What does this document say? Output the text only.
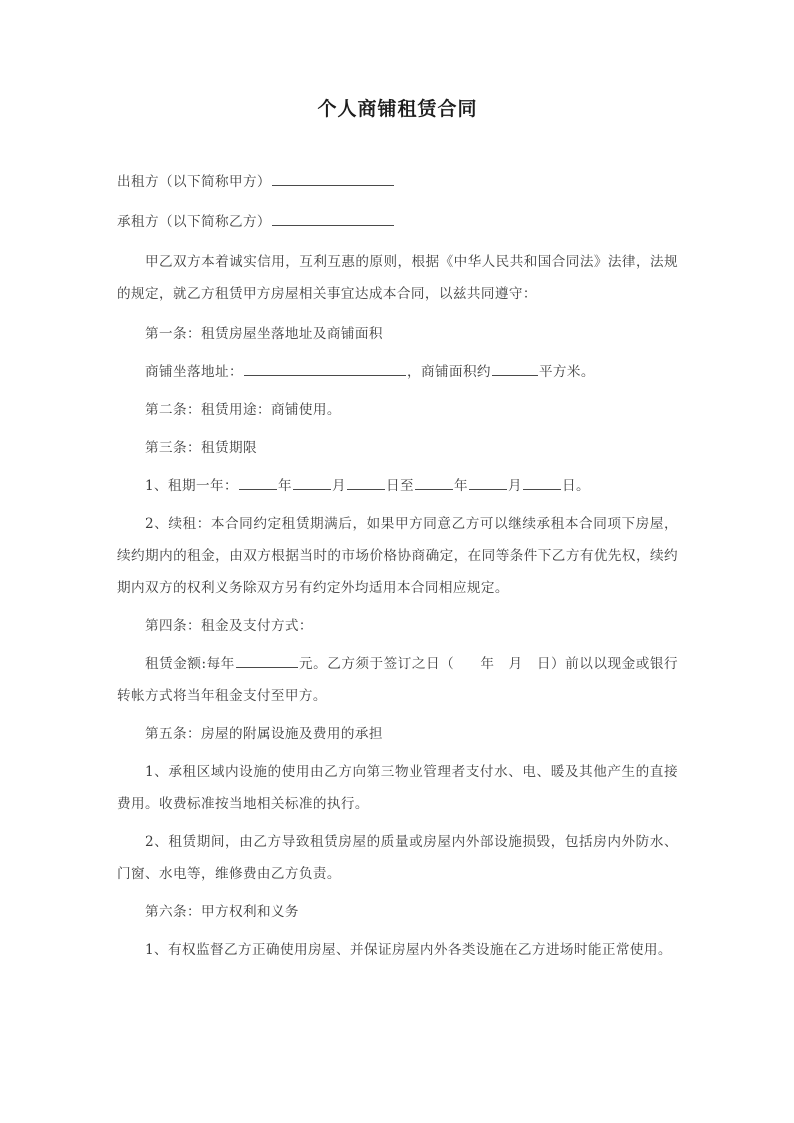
个人商铺租赁合同

出租方（以下简称甲方）

承租方（以下简称乙方）

甲乙双方本着诚实信用，互利互惠的原则，根据《中华人民共和国合同法》法律，法规的规定，就乙方租赁甲方房屋相关事宜达成本合同，以兹共同遵守：

第一条：租赁房屋坐落地址及商铺面积

商铺坐落地址：	，商铺面积约	平方米。

第二条：租赁用途：商铺使用。

第三条：租赁期限

1、租期一年：	年	月	日至	年	月	日。

2、续租：本合同约定租赁期满后，如果甲方同意乙方可以继续承租本合同项下房屋，续约期内的租金，由双方根据当时的市场价格协商确定，在同等条件下乙方有优先权，续约期内双方的权利义务除双方另有约定外均适用本合同相应规定。

第四条：租金及支付方式：

租赁金额:每年	元。乙方须于签订之日（ 年 月 日）前以以现金或银行转帐方式将当年租金支付至甲方。

第五条：房屋的附属设施及费用的承担

1、承租区域内设施的使用由乙方向第三物业管理者支付水、电、暖及其他产生的直接费用。收费标准按当地相关标准的执行。

2、租赁期间，由乙方导致租赁房屋的质量或房屋内外部设施损毁，包括房内外防水、门窗、水电等，维修费由乙方负责。

第六条：甲方权利和义务

1、有权监督乙方正确使用房屋、并保证房屋内外各类设施在乙方进场时能正常使用。
